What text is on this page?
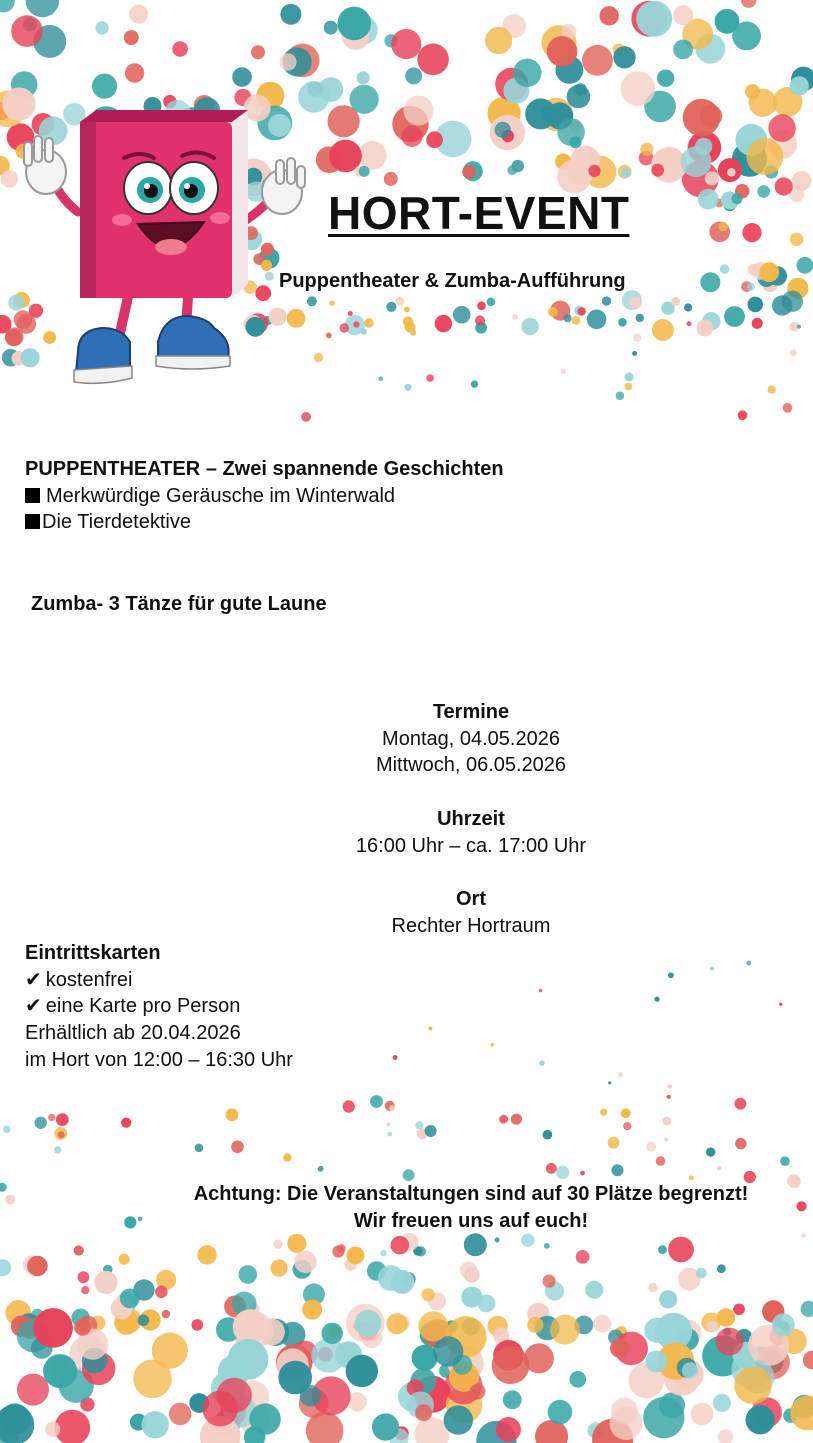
HORT-EVENT
Puppentheater & Zumba-Aufführung
PUPPENTHEATER – Zwei spannende Geschichten
Merkwürdige Geräusche im Winterwald
Die Tierdetektive
Zumba- 3 Tänze für gute Laune
Termine
Montag, 04.05.2026
Mittwoch, 06.05.2026
Uhrzeit
16:00 Uhr – ca. 17:00 Uhr
Ort
Rechter Hortraum
Eintrittskarten
✔ kostenfrei
✔ eine Karte pro Person
Erhältlich ab 20.04.2026
im Hort von 12:00 – 16:30 Uhr
Achtung: Die Veranstaltungen sind auf 30 Plätze begrenzt!
Wir freuen uns auf euch!
